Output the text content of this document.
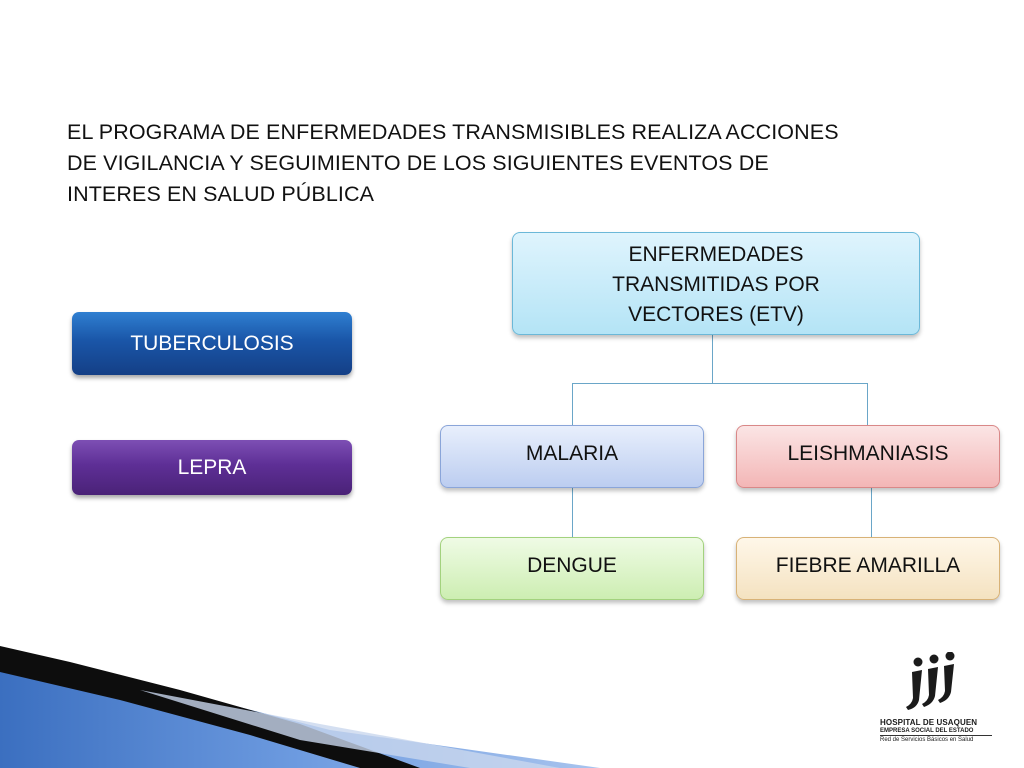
EL PROGRAMA DE ENFERMEDADES TRANSMISIBLES REALIZA ACCIONES
DE VIGILANCIA Y SEGUIMIENTO DE LOS SIGUIENTES EVENTOS DE
INTERES EN SALUD PÚBLICA
TUBERCULOSIS
LEPRA
ENFERMEDADES
TRANSMITIDAS POR
VECTORES (ETV)
MALARIA	LEISHMANIASIS
DENGUE	FIEBRE AMARILLA
HOSPITAL DE USAQUEN
EMPRESA SOCIAL DEL ESTADO
Red de Servicios Básicos en Salud
